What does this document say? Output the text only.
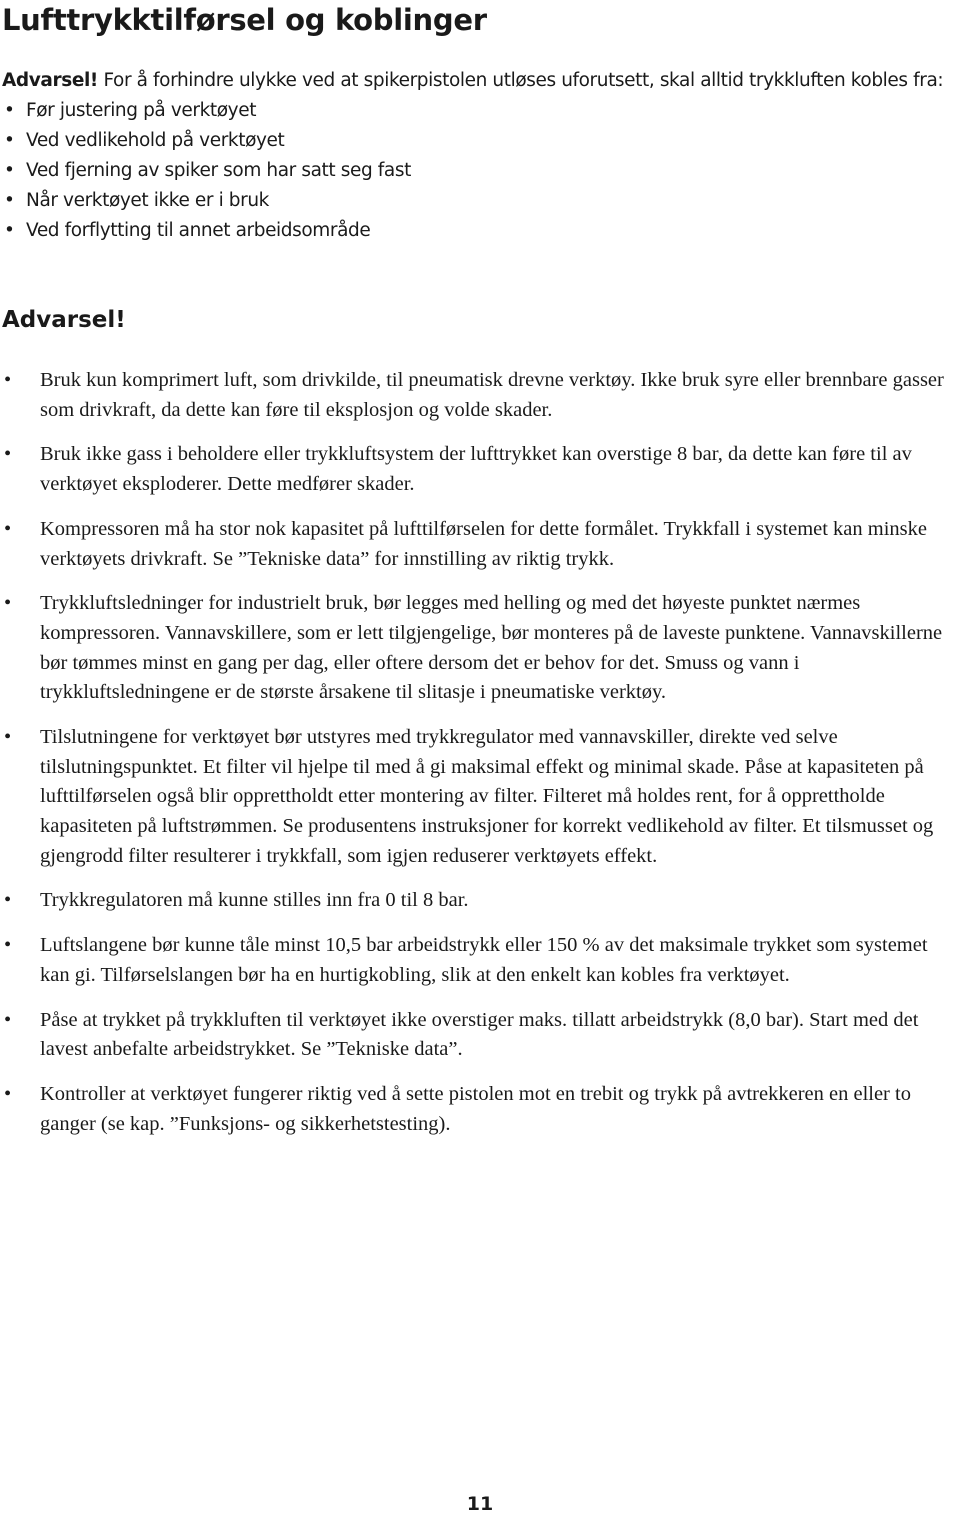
Lufttrykktilførsel og koblinger
Advarsel! For å forhindre ulykke ved at spikerpistolen utløses uforutsett, skal alltid trykkluften kobles fra:
• Før justering på verktøyet
• Ved vedlikehold på verktøyet
• Ved fjerning av spiker som har satt seg fast
• Når verktøyet ikke er i bruk
• Ved forflytting til annet arbeidsområde
Advarsel!
• Bruk kun komprimert luft, som drivkilde, til pneumatisk drevne verktøy. Ikke bruk syre eller brennbare gasser som drivkraft, da dette kan føre til eksplosjon og volde skader.
• Bruk ikke gass i beholdere eller trykkluftsystem der lufttrykket kan overstige 8 bar, da dette kan føre til av verktøyet eksploderer. Dette medfører skader.
• Kompressoren må ha stor nok kapasitet på lufttilførselen for dette formålet. Trykkfall i systemet kan minske verktøyets drivkraft. Se ”Tekniske data” for innstilling av riktig trykk.
• Trykkluftsledninger for industrielt bruk, bør legges med helling og med det høyeste punktet nærmes kompressoren. Vannavskillere, som er lett tilgjengelige, bør monteres på de laveste punktene. Vannavskillerne bør tømmes minst en gang per dag, eller oftere dersom det er behov for det. Smuss og vann i trykkluftsledningene er de største årsakene til slitasje i pneumatiske verktøy.
• Tilslutningene for verktøyet bør utstyres med trykkregulator med vannavskiller, direkte ved selve tilslutningspunktet. Et filter vil hjelpe til med å gi maksimal effekt og minimal skade. Påse at kapasiteten på lufttilførselen også blir opprettholdt etter montering av filter. Filteret må holdes rent, for å opprettholde kapasiteten på luftstrømmen. Se produsentens instruksjoner for korrekt vedlikehold av filter. Et tilsmusset og gjengrodd filter resulterer i trykkfall, som igjen reduserer verktøyets effekt.
• Trykkregulatoren må kunne stilles inn fra 0 til 8 bar.
• Luftslangene bør kunne tåle minst 10,5 bar arbeidstrykk eller 150 % av det maksimale trykket som systemet kan gi. Tilførselslangen bør ha en hurtigkobling, slik at den enkelt kan kobles fra verktøyet.
• Påse at trykket på trykkluften til verktøyet ikke overstiger maks. tillatt arbeidstrykk (8,0 bar). Start med det lavest anbefalte arbeidstrykket. Se ”Tekniske data”.
• Kontroller at verktøyet fungerer riktig ved å sette pistolen mot en trebit og trykk på avtrekkeren en eller to ganger (se kap. ”Funksjons- og sikkerhetstesting).
11
